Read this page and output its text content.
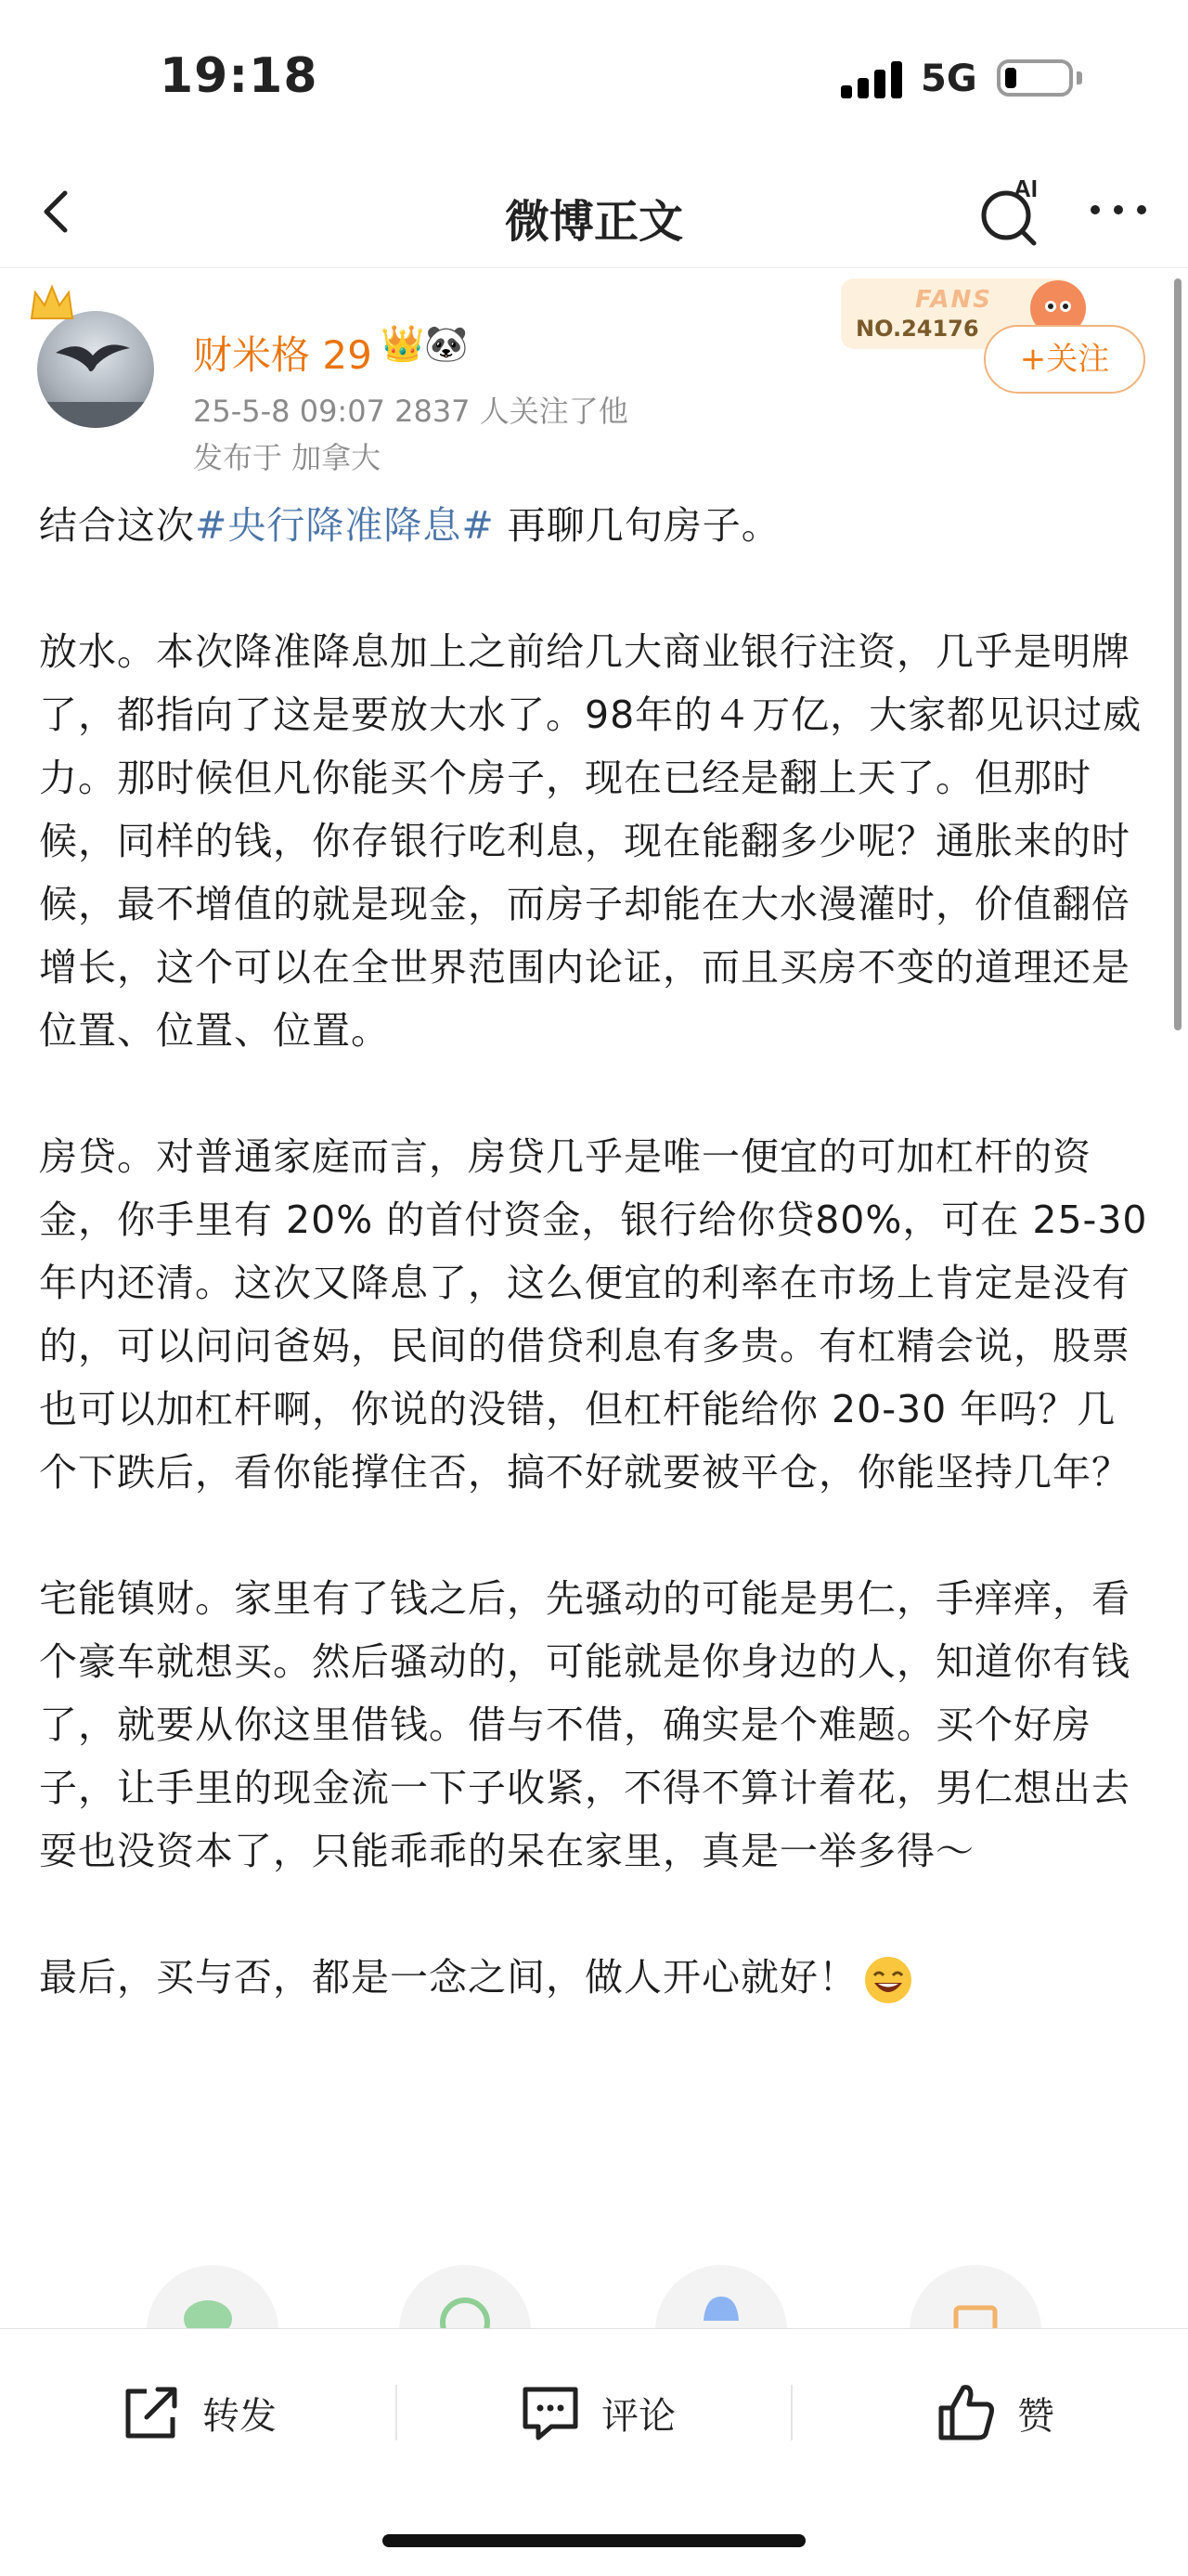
19:18	5G
微博正文
AI
财米格 29 👑🐼
25-5-8 09:07 2837 人关注了他
发布于 加拿大
FANS
NO.24176
+关注

结合这次#央行降准降息# 再聊几句房子。

放水。本次降准降息加上之前给几大商业银行注资，几乎是明牌了，都指向了这是要放大水了。98年的４万亿，大家都见识过威力。那时候但凡你能买个房子，现在已经是翻上天了。但那时候，同样的钱，你存银行吃利息，现在能翻多少呢？通胀来的时候，最不增值的就是现金，而房子却能在大水漫灌时，价值翻倍增长，这个可以在全世界范围内论证，而且买房不变的道理还是位置、位置、位置。

房贷。对普通家庭而言，房贷几乎是唯一便宜的可加杠杆的资金，你手里有 20% 的首付资金，银行给你贷80%，可在 25-30 年内还清。这次又降息了，这么便宜的利率在市场上肯定是没有的，可以问问爸妈，民间的借贷利息有多贵。有杠精会说，股票也可以加杠杆啊，你说的没错，但杠杆能给你 20-30 年吗？几个下跌后，看你能撑住否，搞不好就要被平仓，你能坚持几年？

宅能镇财。家里有了钱之后，先骚动的可能是男仁，手痒痒，看个豪车就想买。然后骚动的，可能就是你身边的人，知道你有钱了，就要从你这里借钱。借与不借，确实是个难题。买个好房子，让手里的现金流一下子收紧，不得不算计着花，男仁想出去耍也没资本了，只能乖乖的呆在家里，真是一举多得～

最后，买与否，都是一念之间，做人开心就好！

转发	评论	赞
